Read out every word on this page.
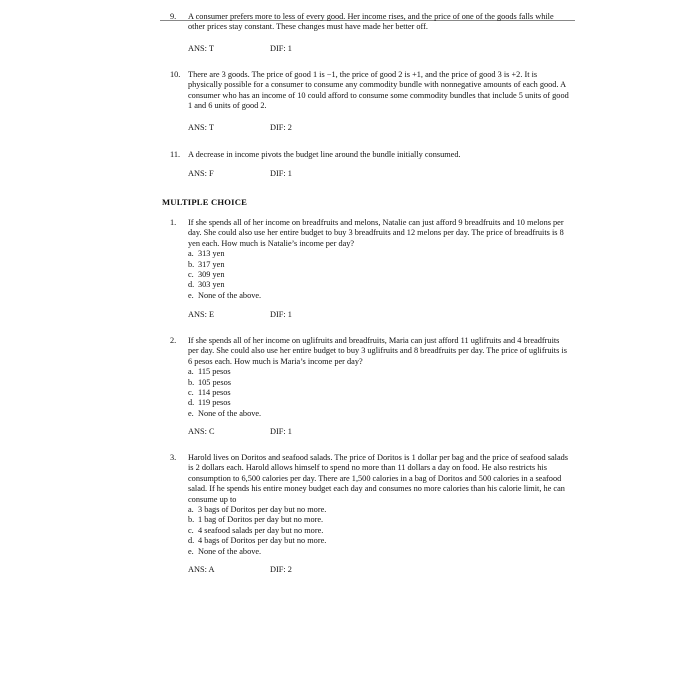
9.	A consumer prefers more to less of every good. Her income rises, and the price of one of the goods falls while other prices stay constant. These changes must have made her better off.
ANS: T	DIF: 1
10. There are 3 goods. The price of good 1 is −1, the price of good 2 is +1, and the price of good 3 is +2. It is physically possible for a consumer to consume any commodity bundle with nonnegative amounts of each good. A consumer who has an income of 10 could afford to consume some commodity bundles that include 5 units of good 1 and 6 units of good 2.
ANS: T	DIF: 2
11. A decrease in income pivots the budget line around the bundle initially consumed.
ANS: F	DIF: 1
MULTIPLE CHOICE
1.	If she spends all of her income on breadfruits and melons, Natalie can just afford 9 breadfruits and 10 melons per day. She could also use her entire budget to buy 3 breadfruits and 12 melons per day. The price of breadfruits is 8 yen each. How much is Natalie’s income per day?
a. 313 yen
b. 317 yen
c. 309 yen
d. 303 yen
e. None of the above.
ANS: E	DIF: 1
2.	If she spends all of her income on uglifruits and breadfruits, Maria can just afford 11 uglifruits and 4 breadfruits per day. She could also use her entire budget to buy 3 uglifruits and 8 breadfruits per day. The price of uglifruits is 6 pesos each. How much is Maria’s income per day?
a. 115 pesos
b. 105 pesos
c. 114 pesos
d. 119 pesos
e. None of the above.
ANS: C	DIF: 1
3.	Harold lives on Doritos and seafood salads. The price of Doritos is 1 dollar per bag and the price of seafood salads is 2 dollars each. Harold allows himself to spend no more than 11 dollars a day on food. He also restricts his consumption to 6,500 calories per day. There are 1,500 calories in a bag of Doritos and 500 calories in a seafood salad. If he spends his entire money budget each day and consumes no more calories than his calorie limit, he can consume up to
a. 3 bags of Doritos per day but no more.
b. 1 bag of Doritos per day but no more.
c. 4 seafood salads per day but no more.
d. 4 bags of Doritos per day but no more.
e. None of the above.
ANS: A	DIF: 2
